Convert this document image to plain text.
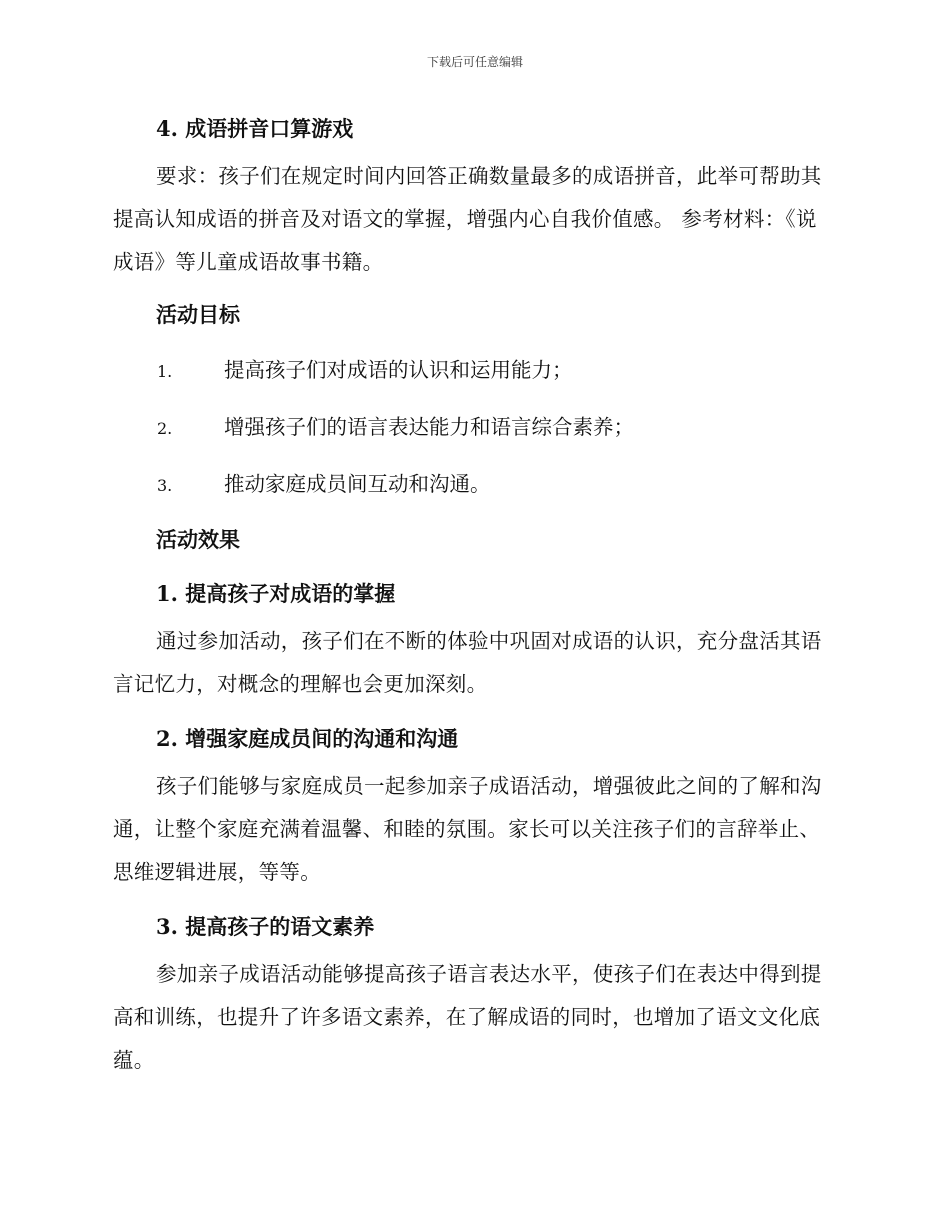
下载后可任意编辑
4. 成语拼音口算游戏

要求：孩子们在规定时间内回答正确数量最多的成语拼音，此举可帮助其提高认知成语的拼音及对语文的掌握，增强内心自我价值感。 参考材料：《说成语》等儿童成语故事书籍。

活动目标
1.	提高孩子们对成语的认识和运用能力；
2.	增强孩子们的语言表达能力和语言综合素养；
3.	推动家庭成员间互动和沟通。
活动效果
1. 提高孩子对成语的掌握

通过参加活动，孩子们在不断的体验中巩固对成语的认识，充分盘活其语言记忆力，对概念的理解也会更加深刻。

2. 增强家庭成员间的沟通和沟通

孩子们能够与家庭成员一起参加亲子成语活动，增强彼此之间的了解和沟通，让整个家庭充满着温馨、和睦的氛围。家长可以关注孩子们的言辞举止、思维逻辑进展，等等。

3. 提高孩子的语文素养

参加亲子成语活动能够提高孩子语言表达水平，使孩子们在表达中得到提高和训练，也提升了许多语文素养，在了解成语的同时，也增加了语文文化底蕴。
